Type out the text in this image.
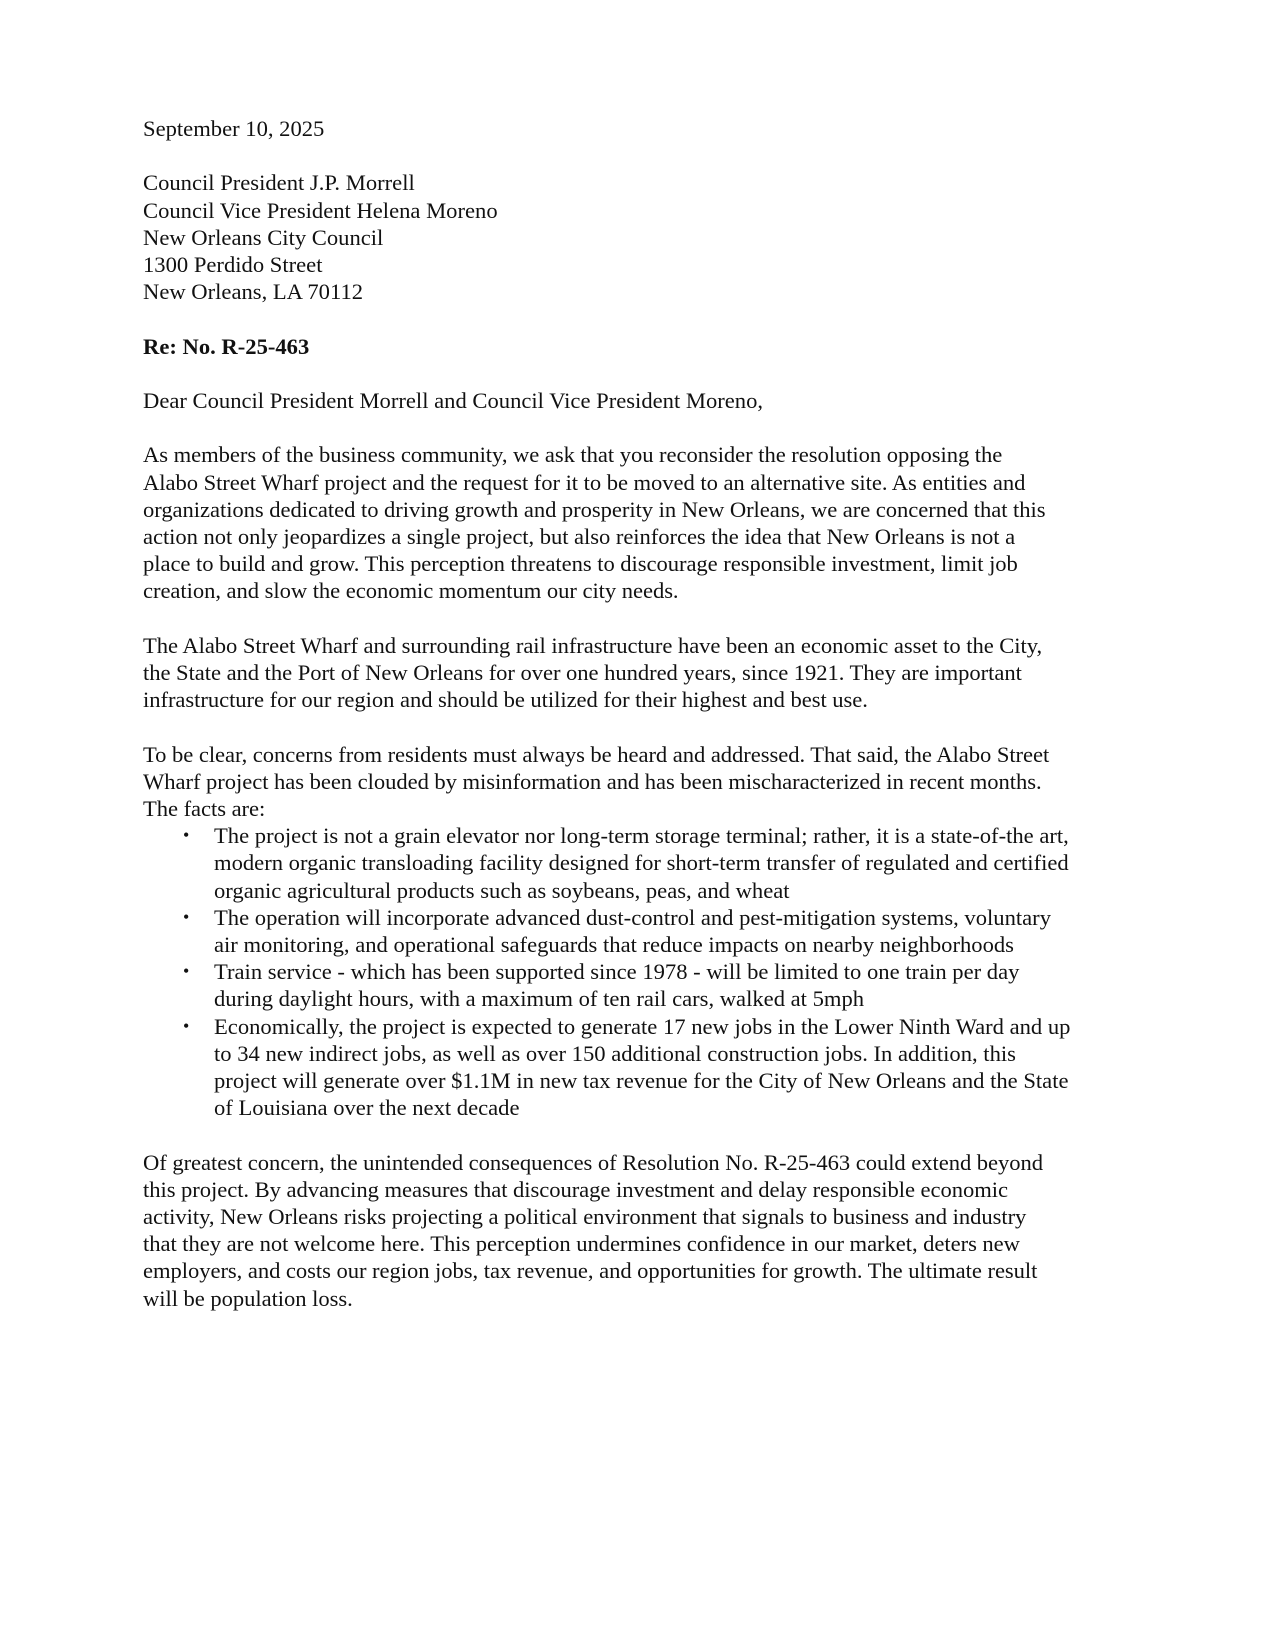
September 10, 2025
Council President J.P. Morrell
Council Vice President Helena Moreno
New Orleans City Council
1300 Perdido Street
New Orleans, LA 70112
Re: No. R-25-463
Dear Council President Morrell and Council Vice President Moreno,

As members of the business community, we ask that you reconsider the resolution opposing the Alabo Street Wharf project and the request for it to be moved to an alternative site. As entities and organizations dedicated to driving growth and prosperity in New Orleans, we are concerned that this action not only jeopardizes a single project, but also reinforces the idea that New Orleans is not a place to build and grow. This perception threatens to discourage responsible investment, limit job creation, and slow the economic momentum our city needs.

The Alabo Street Wharf and surrounding rail infrastructure have been an economic asset to the City, the State and the Port of New Orleans for over one hundred years, since 1921. They are important infrastructure for our region and should be utilized for their highest and best use.

To be clear, concerns from residents must always be heard and addressed. That said, the Alabo Street Wharf project has been clouded by misinformation and has been mischaracterized in recent months. The facts are:

• The project is not a grain elevator nor long-term storage terminal; rather, it is a state-of-the art, modern organic transloading facility designed for short-term transfer of regulated and certified organic agricultural products such as soybeans, peas, and wheat
• The operation will incorporate advanced dust-control and pest-mitigation systems, voluntary air monitoring, and operational safeguards that reduce impacts on nearby neighborhoods
• Train service - which has been supported since 1978 - will be limited to one train per day during daylight hours, with a maximum of ten rail cars, walked at 5mph
• Economically, the project is expected to generate 17 new jobs in the Lower Ninth Ward and up to 34 new indirect jobs, as well as over 150 additional construction jobs. In addition, this project will generate over $1.1M in new tax revenue for the City of New Orleans and the State of Louisiana over the next decade

Of greatest concern, the unintended consequences of Resolution No. R-25-463 could extend beyond this project. By advancing measures that discourage investment and delay responsible economic activity, New Orleans risks projecting a political environment that signals to business and industry that they are not welcome here. This perception undermines confidence in our market, deters new employers, and costs our region jobs, tax revenue, and opportunities for growth. The ultimate result will be population loss.
